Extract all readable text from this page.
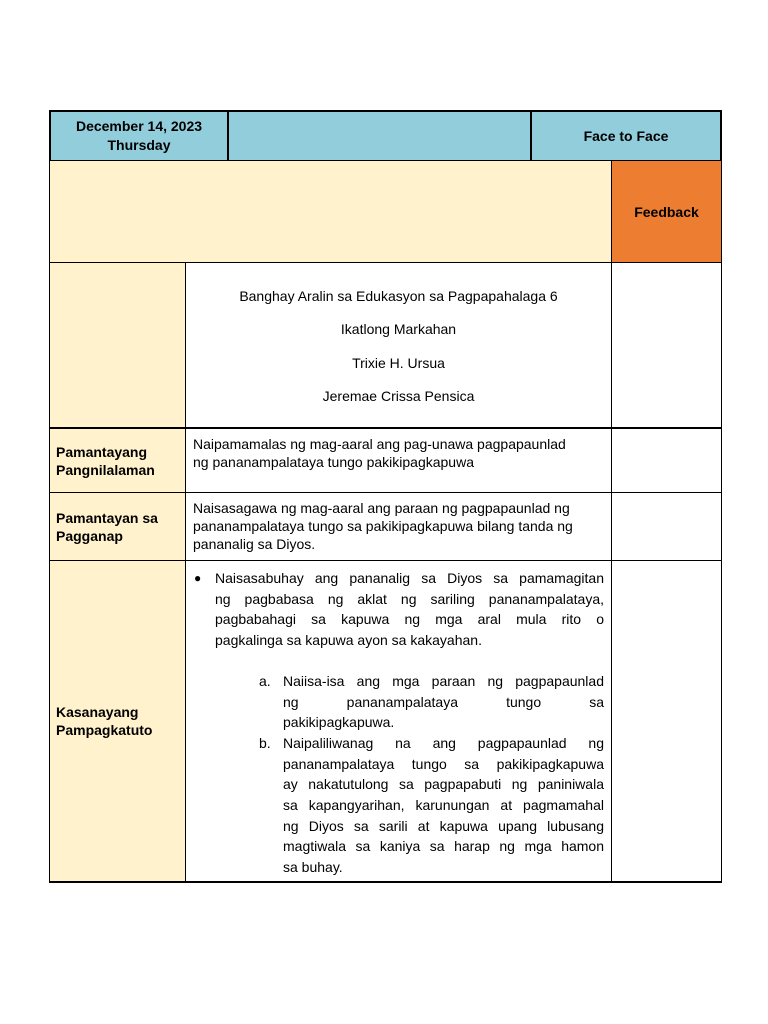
December 14, 2023
Thursday
Face to Face
Feedback
Banghay Aralin sa Edukasyon sa Pagpapahalaga 6
Ikatlong Markahan
Trixie H. Ursua
Jeremae Crissa Pensica
Pamantayang
Pangnilalaman
Naipamamalas ng mag-aaral ang pag-unawa pagpapaunlad
ng pananampalataya tungo pakikipagkapuwa
Pamantayan sa
Pagganap
Naisasagawa ng mag-aaral ang paraan ng pagpapaunlad ng
pananampalataya tungo sa pakikipagkapuwa bilang tanda ng
pananalig sa Diyos.
Kasanayang
Pampagkatuto
● Naisasabuhay ang pananalig sa Diyos sa pamamagitan
ng pagbabasa ng aklat ng sariling pananampalataya,
pagbabahagi sa kapuwa ng mga aral mula rito o
pagkalinga sa kapuwa ayon sa kakayahan.
a. Naiisa-isa ang mga paraan ng pagpapaunlad
ng pananampalataya tungo sa
pakikipagkapuwa.
b. Naipaliliwanag na ang pagpapaunlad ng
pananampalataya tungo sa pakikipagkapuwa
ay nakatutulong sa pagpapabuti ng paniniwala
sa kapangyarihan, karunungan at pagmamahal
ng Diyos sa sarili at kapuwa upang lubusang
magtiwala sa kaniya sa harap ng mga hamon
sa buhay.
